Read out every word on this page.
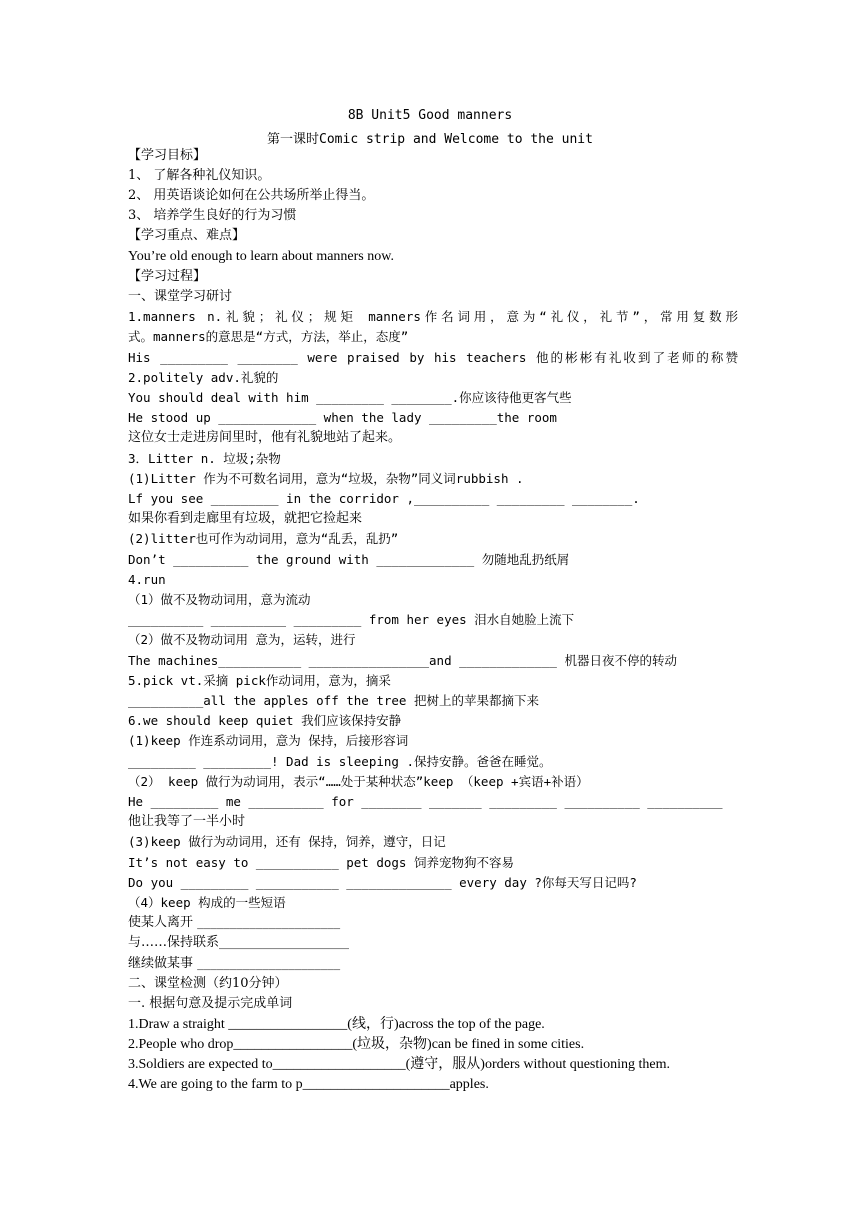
8B Unit5 Good manners
第一课时Comic strip and Welcome to the unit
【学习目标】
1、 了解各种礼仪知识。
2、 用英语谈论如何在公共场所举止得当。
3、 培养学生良好的行为习惯
【学习重点、难点】
You’re old enough to learn about manners now.
【学习过程】
一、课堂学习研讨
1.manners n.礼貌；礼仪；规矩 manners作名词用，意为“礼仪，礼节”，常用复数形
式。manners的意思是“方式，方法，举止，态度”
His _________ ________ were praised by his teachers 他的彬彬有礼收到了老师的称赞
2.politely adv.礼貌的
You should deal with him _________ ________.你应该待他更客气些
He stood up _____________ when the lady _________the room
这位女士走进房间里时，他有礼貌地站了起来。
3．Litter n. 垃圾;杂物
(1)Litter 作为不可数名词用，意为“垃圾，杂物”同义词rubbish .
Lf you see _________ in the corridor ,__________ _________ ________.
如果你看到走廊里有垃圾，就把它捡起来
(2)litter也可作为动词用，意为“乱丢，乱扔”
Don’t __________ the ground with _____________ 勿随地乱扔纸屑
4.run
（1）做不及物动词用，意为流动
__________ __________ _________ from her eyes 泪水自她脸上流下
（2）做不及物动词用 意为，运转，进行
The machines___________ ________________and _____________ 机器日夜不停的转动
5.pick vt.采摘 pick作动词用，意为，摘采
__________all the apples off the tree 把树上的苹果都摘下来
6.we should keep quiet 我们应该保持安静
(1)keep 作连系动词用，意为 保持，后接形容词
_________ _________! Dad is sleeping .保持安静。爸爸在睡觉。
（2） keep 做行为动词用，表示“……处于某种状态”keep （keep +宾语+补语）
He _________ me __________ for ________ _______ _________ __________ __________
他让我等了一半小时
(3)keep 做行为动词用，还有 保持，饲养，遵守，日记
It’s not easy to ___________ pet dogs 饲养宠物狗不容易
Do you _________ ___________ ______________ every day ?你每天写日记吗?
（4）keep 构成的一些短语
使某人离开 ______________________
与……保持联系____________________
继续做某事 ______________________
二、课堂检测（约10分钟）
一. 根据句意及提示完成单词
1.Draw a straight _________________(线，行)across the top of the page.
2.People who drop_________________(垃圾，杂物)can be fined in some cities.
3.Soldiers are expected to___________________(遵守，服从)orders without questioning them.
4.We are going to the farm to p_____________________apples.
